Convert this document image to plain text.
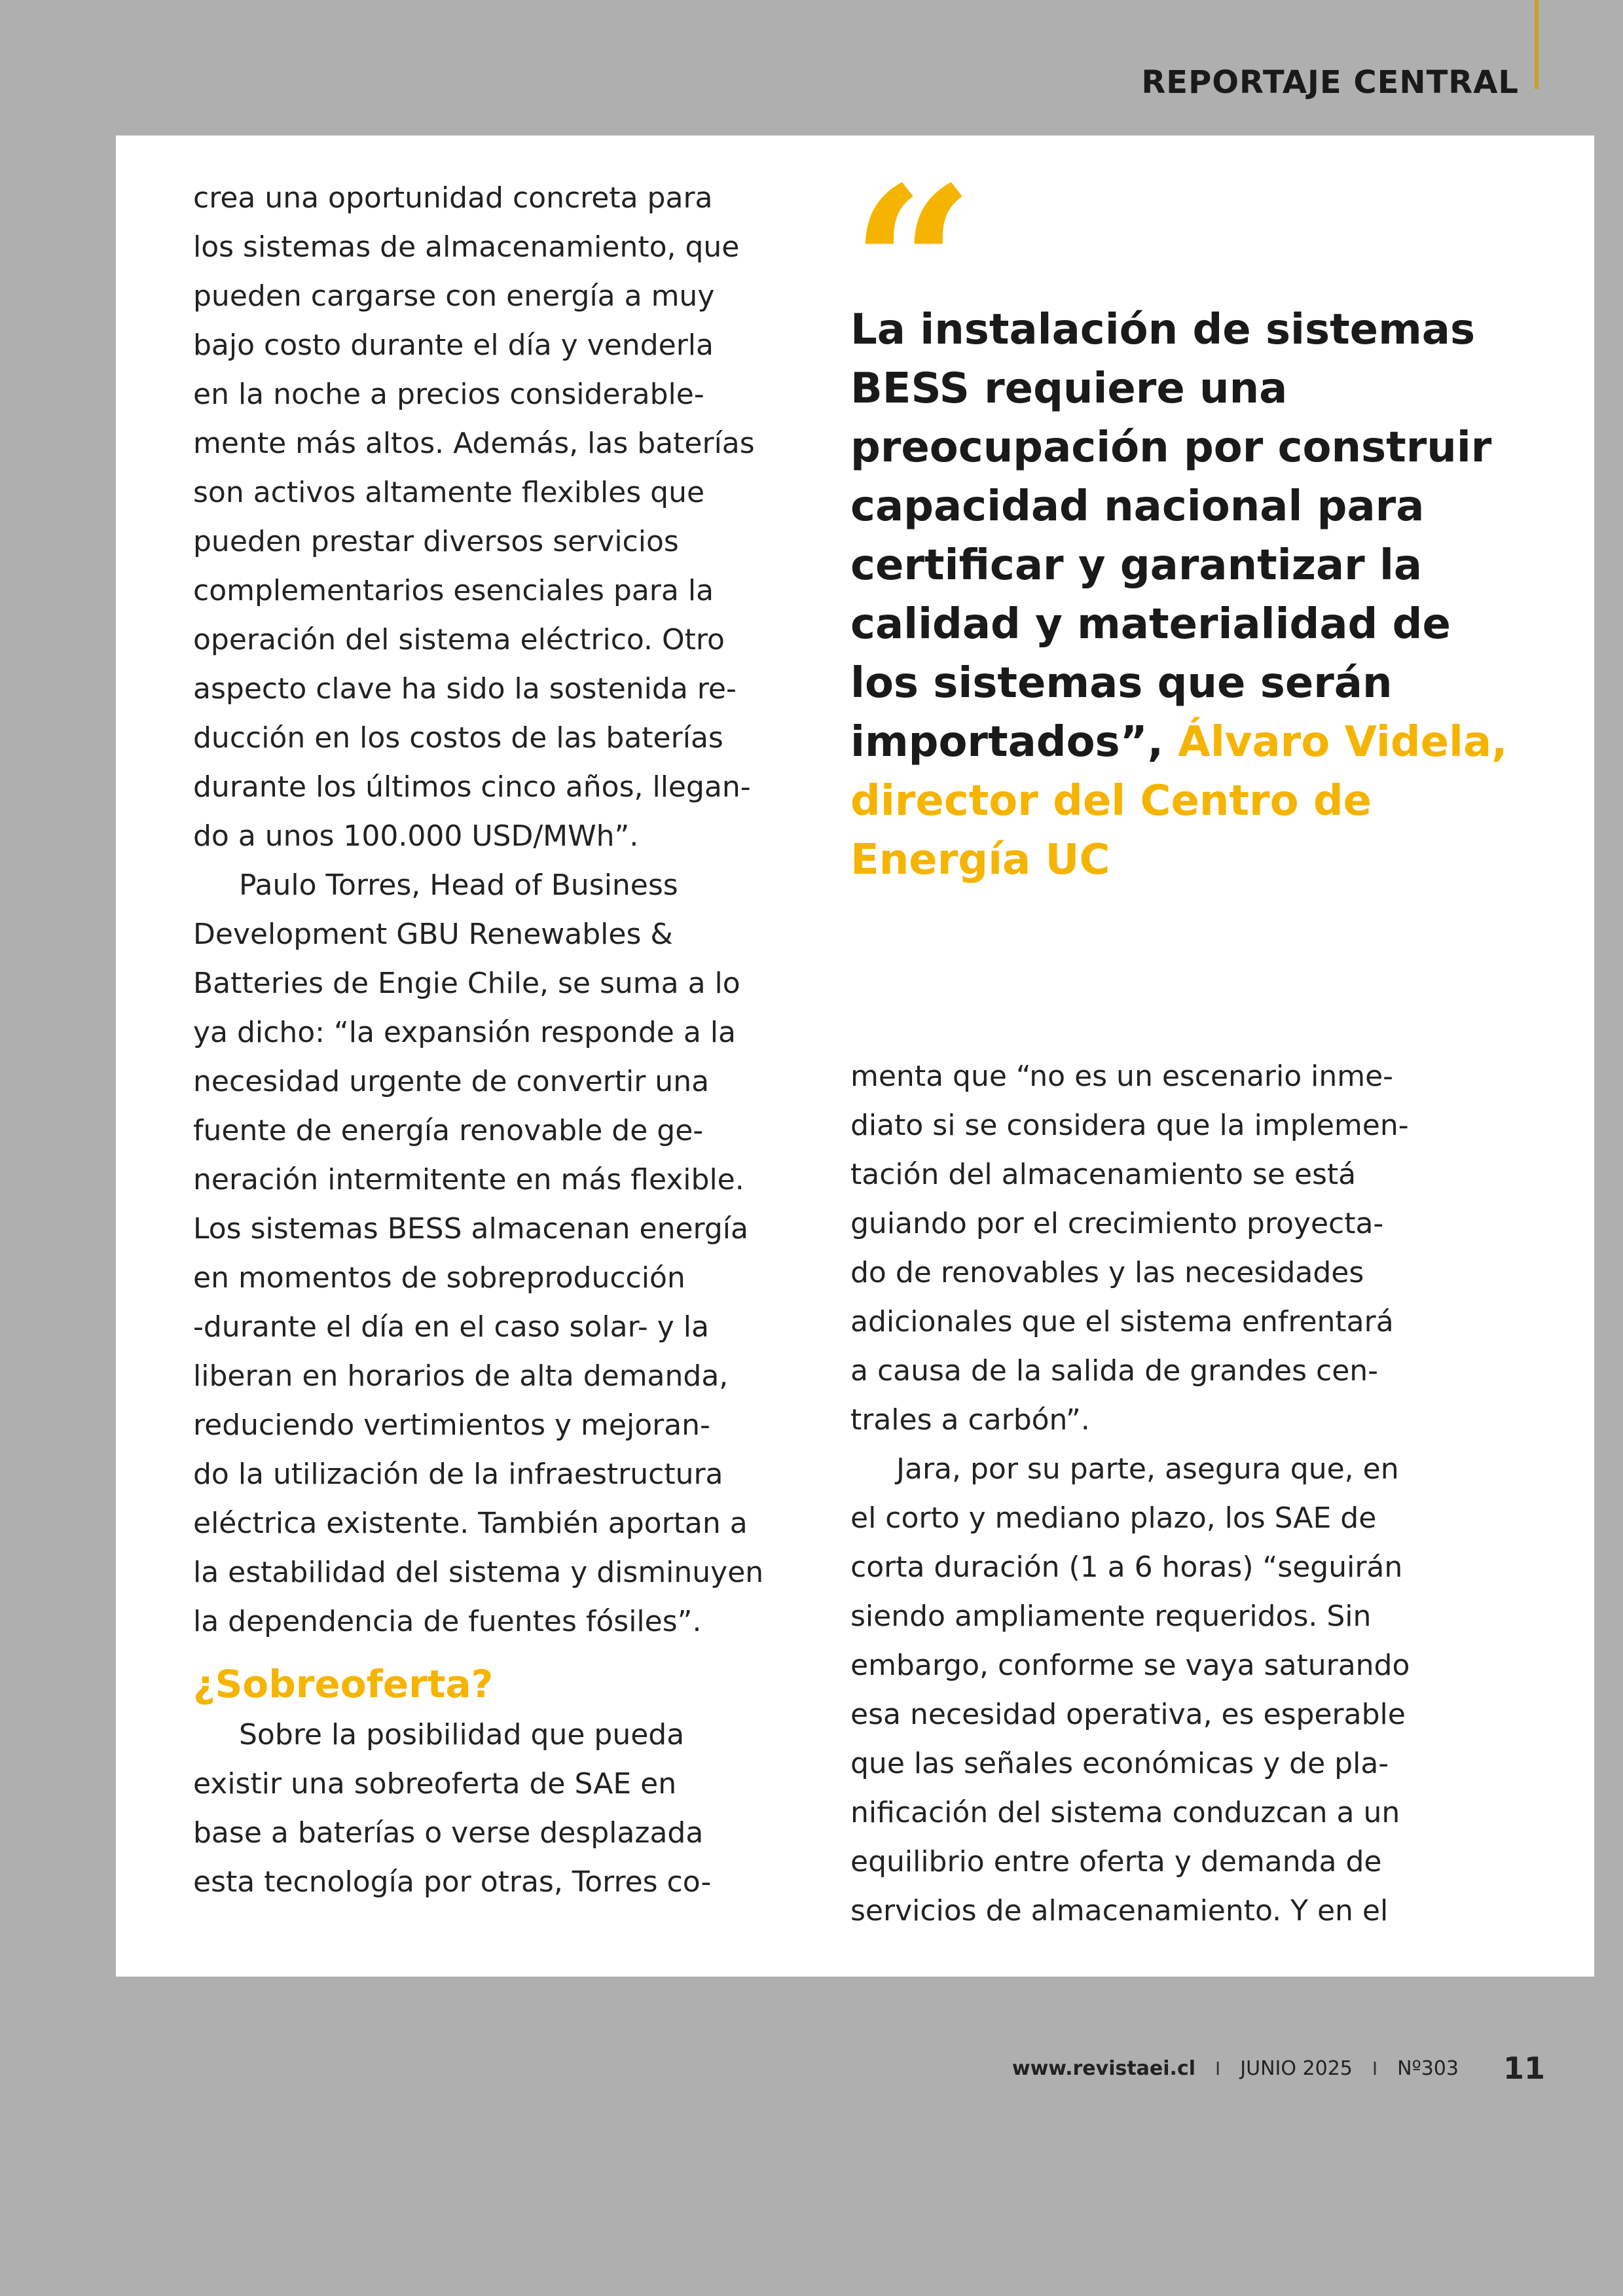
REPORTAJE CENTRAL

crea una oportunidad concreta para

los sistemas de almacenamiento, que

pueden cargarse con energía a muy

bajo costo durante el día y venderla

en la noche a precios considerable-

mente más altos. Además, las baterías

son activos altamente flexibles que

pueden prestar diversos servicios

complementarios esenciales para la

operación del sistema eléctrico. Otro

aspecto clave ha sido la sostenida re-

ducción en los costos de las baterías

durante los últimos cinco años, llegan-

do a unos 100.000 USD/MWh”.

Paulo Torres, Head of Business

Development GBU Renewables &

Batteries de Engie Chile, se suma a lo

ya dicho: “la expansión responde a la

necesidad urgente de convertir una

fuente de energía renovable de ge-

neración intermitente en más flexible.

Los sistemas BESS almacenan energía

en momentos de sobreproducción

-durante el día en el caso solar- y la

liberan en horarios de alta demanda,

reduciendo vertimientos y mejoran-

do la utilización de la infraestructura

eléctrica existente. También aportan a

la estabilidad del sistema y disminuyen

la dependencia de fuentes fósiles”.

¿Sobreoferta?

Sobre la posibilidad que pueda

existir una sobreoferta de SAE en

base a baterías o verse desplazada

esta tecnología por otras, Torres co-

“

La instalación de sistemas
BESS requiere una
preocupación por construir
capacidad nacional para
certificar y garantizar la
calidad y materialidad de
los sistemas que serán
importados”, Álvaro Videla,
director del Centro de
Energía UC

menta que “no es un escenario inme-

diato si se considera que la implemen-

tación del almacenamiento se está

guiando por el crecimiento proyecta-

do de renovables y las necesidades

adicionales que el sistema enfrentará

a causa de la salida de grandes cen-

trales a carbón”.

Jara, por su parte, asegura que, en

el corto y mediano plazo, los SAE de

corta duración (1 a 6 horas) “seguirán

siendo ampliamente requeridos. Sin

embargo, conforme se vaya saturando

esa necesidad operativa, es esperable

que las señales económicas y de pla-

nificación del sistema conduzcan a un

equilibrio entre oferta y demanda de

servicios de almacenamiento. Y en el

www.revistaei.cl I JUNIO 2025 I Nº303 11
